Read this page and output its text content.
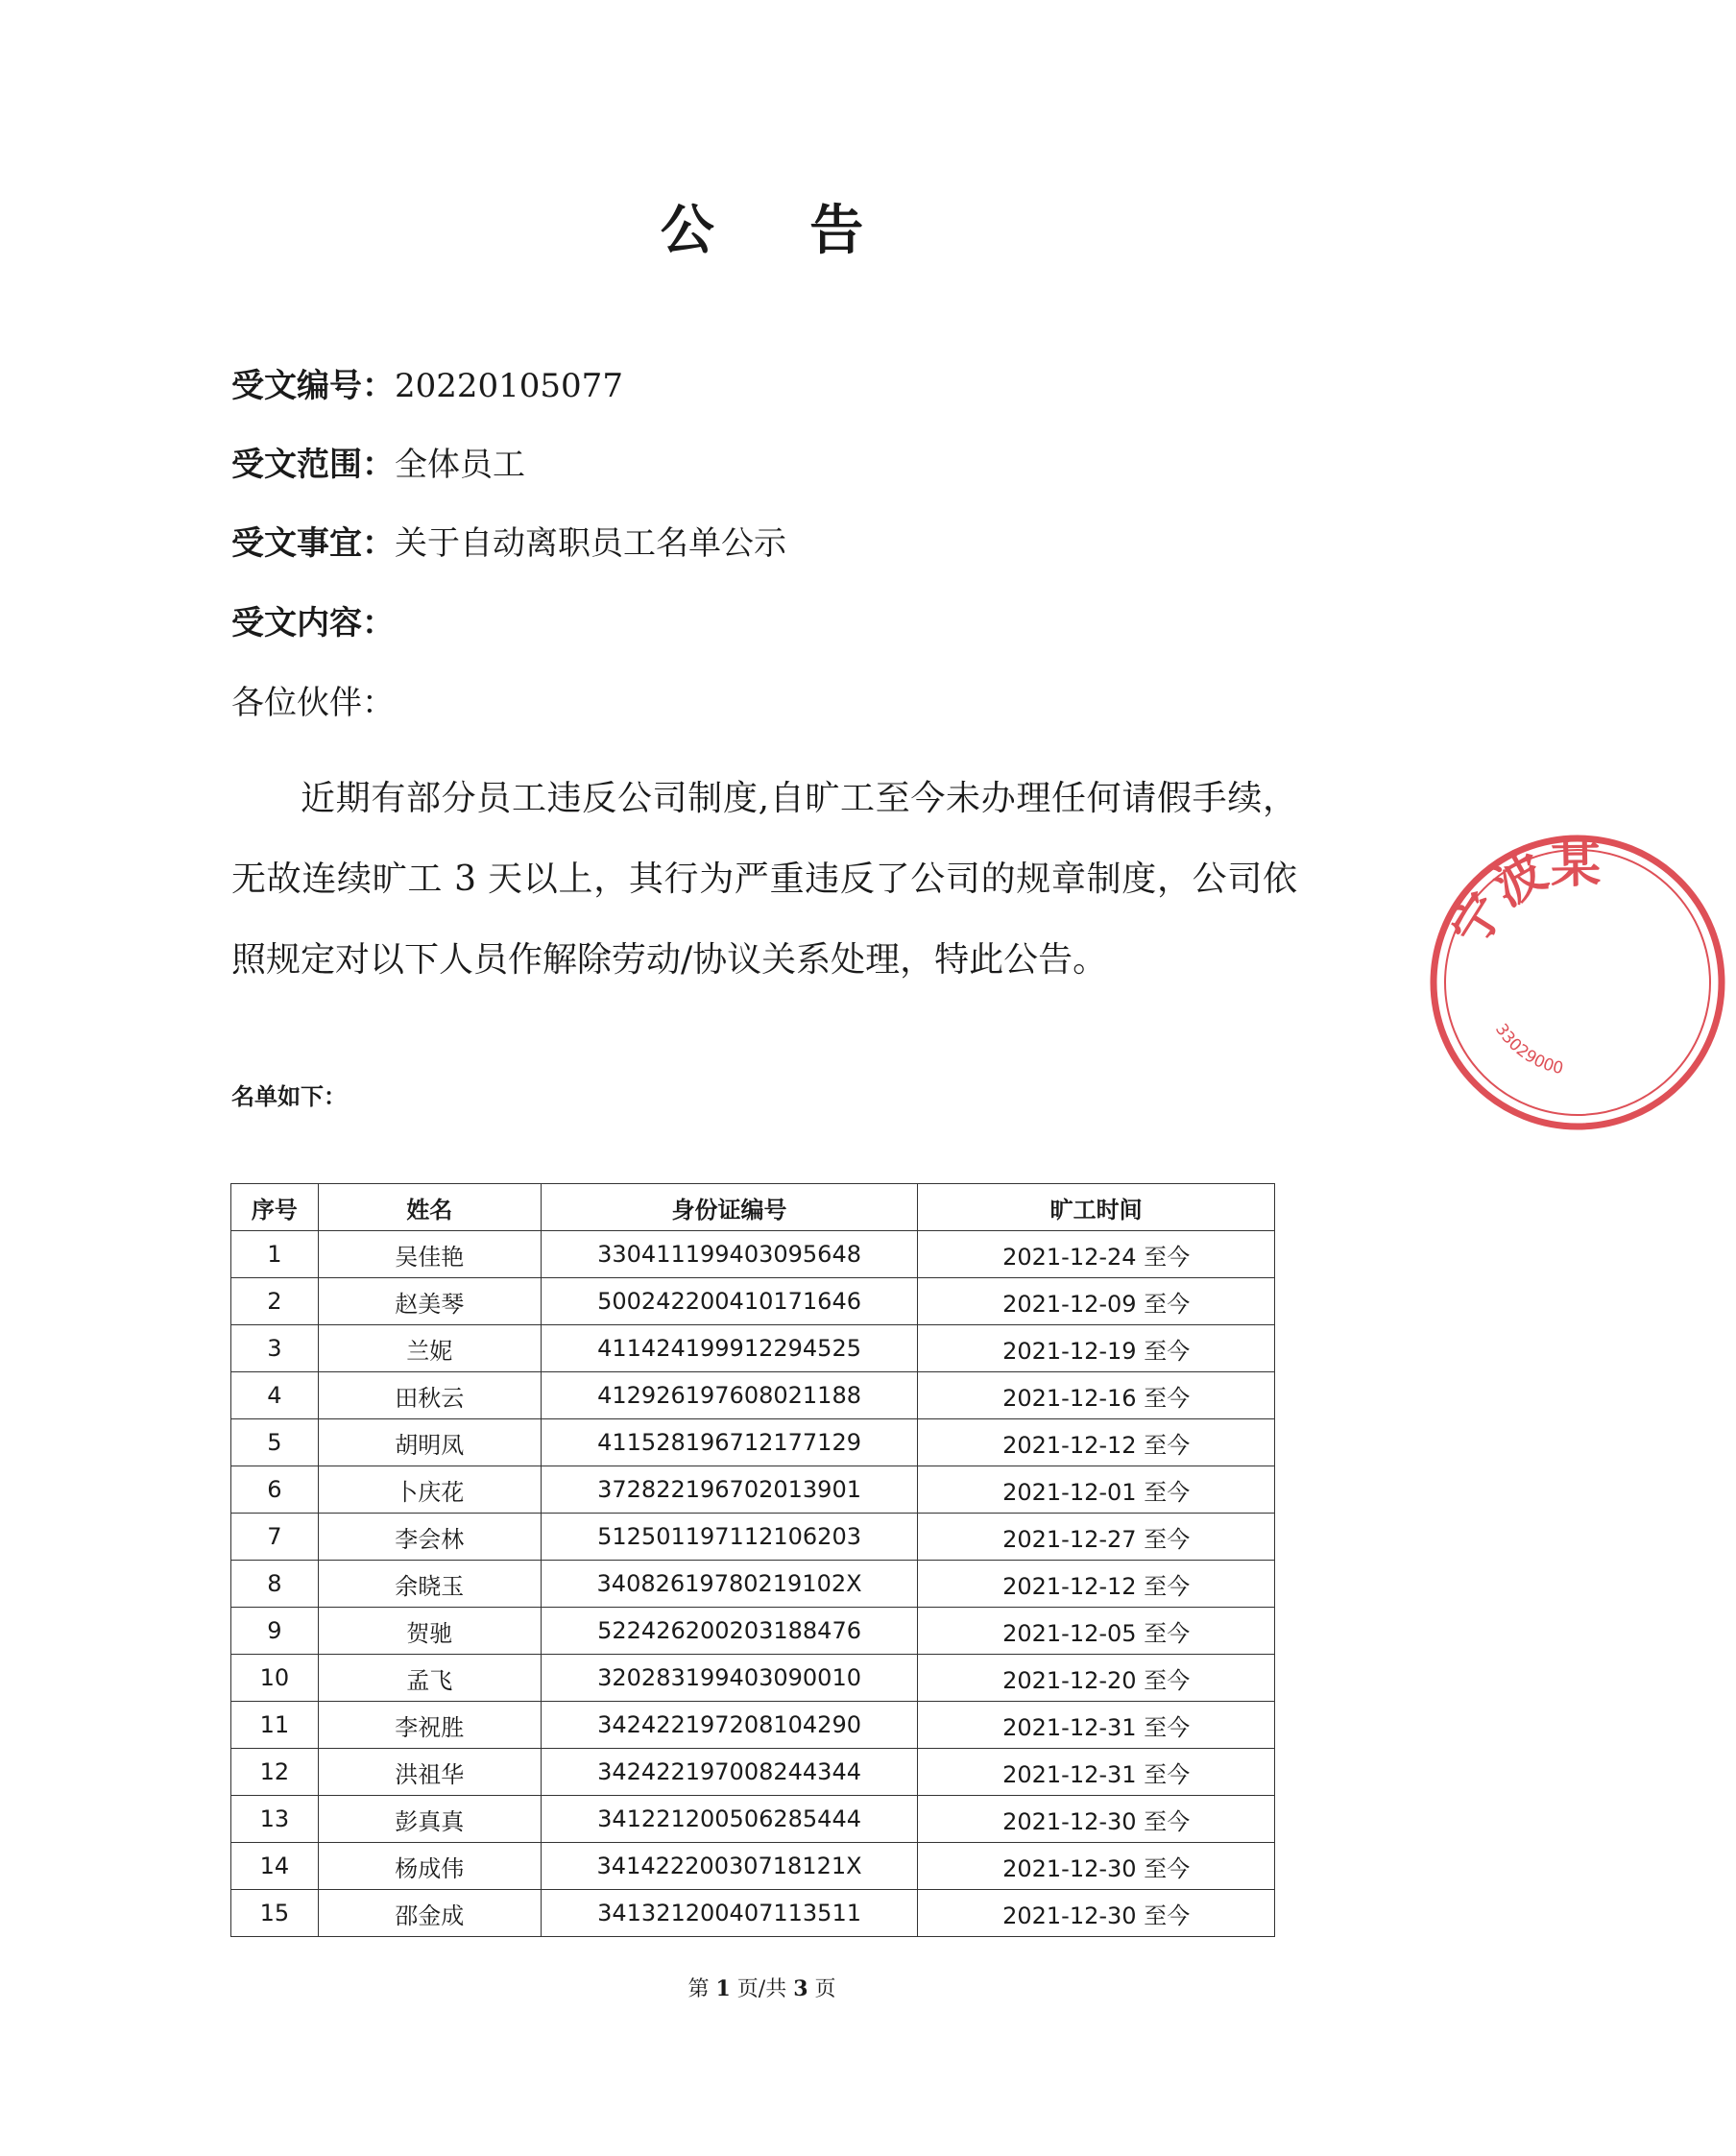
公 告
受文编号：20220105077
受文范围：全体员工
受文事宜：关于自动离职员工名单公示
受文内容：
各位伙伴：
近期有部分员工违反公司制度,自旷工至今未办理任何请假手续，无故连续旷工 3 天以上，其行为严重违反了公司的规章制度，公司依照规定对以下人员作解除劳动/协议关系处理，特此公告。
名单如下：
序号	姓名	身份证编号	旷工时间
1	吴佳艳	330411199403095648	2021-12-24 至今
2	赵美琴	500242200410171646	2021-12-09 至今
3	兰妮	411424199912294525	2021-12-19 至今
4	田秋云	412926197608021188	2021-12-16 至今
5	胡明凤	411528196712177129	2021-12-12 至今
6	卜庆花	372822196702013901	2021-12-01 至今
7	李会林	512501197112106203	2021-12-27 至今
8	余晓玉	34082619780219102X	2021-12-12 至今
9	贺驰	522426200203188476	2021-12-05 至今
10	孟飞	320283199403090010	2021-12-20 至今
11	李祝胜	342422197208104290	2021-12-31 至今
12	洪祖华	342422197008244344	2021-12-31 至今
13	彭真真	341221200506285444	2021-12-30 至今
14	杨成伟	34142220030718121X	2021-12-30 至今
15	邵金成	341321200407113511	2021-12-30 至今
第 1 页/共 3 页
宁波某
33029000
